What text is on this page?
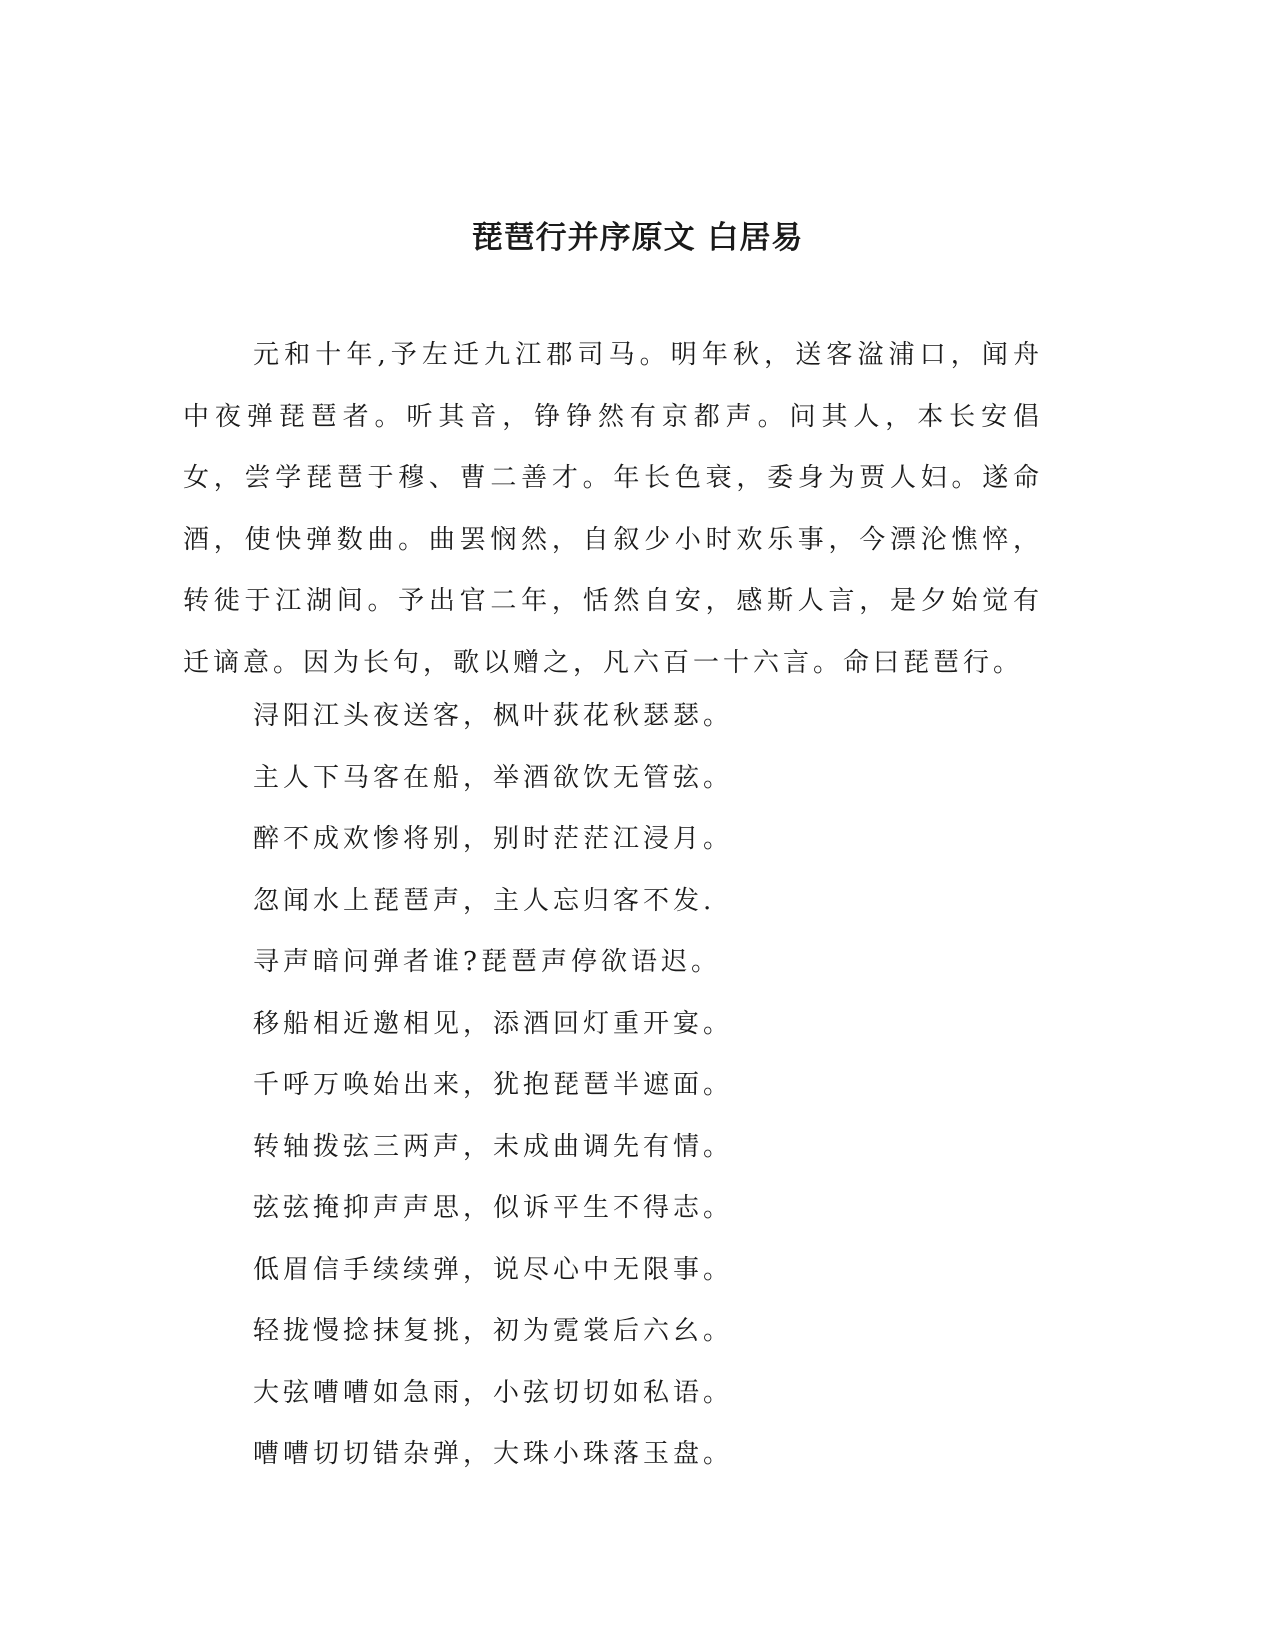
琵琶行并序原文 白居易

元和十年,予左迁九江郡司马。明年秋，送客湓浦口，闻舟中夜弹琵琶者。听其音，铮铮然有京都声。问其人，本长安倡女，尝学琵琶于穆、曹二善才。年长色衰，委身为贾人妇。遂命酒，使快弹数曲。曲罢悯然，自叙少小时欢乐事，今漂沦憔悴，转徙于江湖间。予出官二年，恬然自安，感斯人言，是夕始觉有迁谪意。因为长句，歌以赠之，凡六百一十六言。命曰琵琶行。

浔阳江头夜送客，枫叶荻花秋瑟瑟。
主人下马客在船，举酒欲饮无管弦。
醉不成欢惨将别，别时茫茫江浸月。
忽闻水上琵琶声，主人忘归客不发.
寻声暗问弹者谁?琵琶声停欲语迟。
移船相近邀相见，添酒回灯重开宴。
千呼万唤始出来，犹抱琵琶半遮面。
转轴拨弦三两声，未成曲调先有情。
弦弦掩抑声声思，似诉平生不得志。
低眉信手续续弹，说尽心中无限事。
轻拢慢捻抹复挑，初为霓裳后六幺。
大弦嘈嘈如急雨，小弦切切如私语。
嘈嘈切切错杂弹，大珠小珠落玉盘。
